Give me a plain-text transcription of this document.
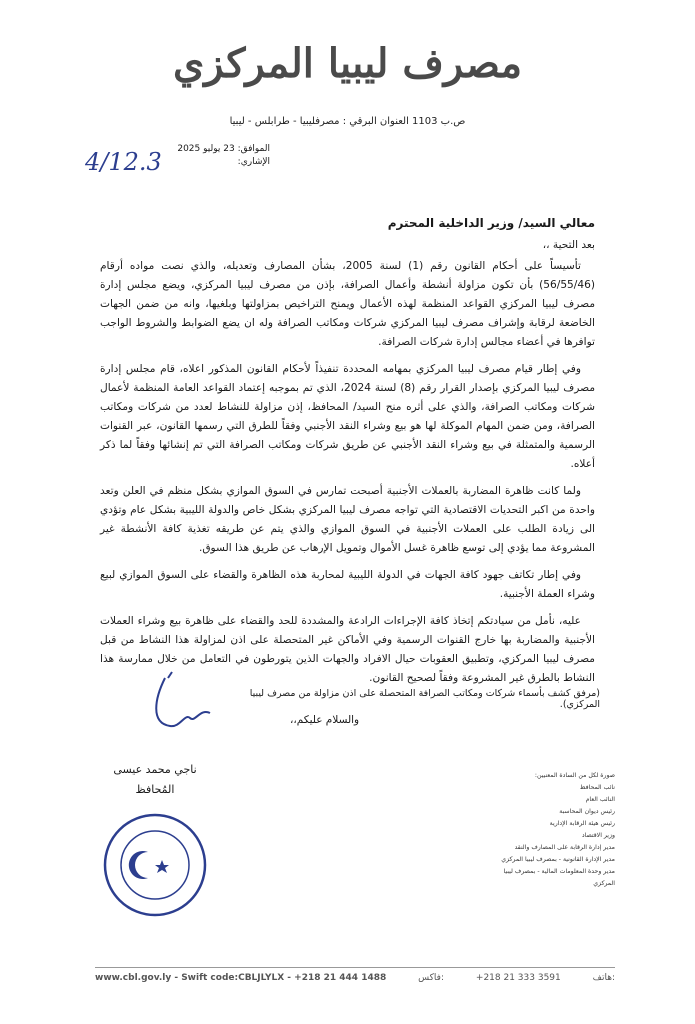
مصرف ليبيا المركزي
ص.ب 1103 العنوان البرقي : مصرفليبيا - طرابلس - ليبيا
الموافق: 23 يوليو 2025
الإشاري:
4/12.3
معالي السيد/ وزير الداخلية المحترم

بعد التحية ،،

تأسيساً على أحكام القانون رقم (1) لسنة 2005، بشأن المصارف وتعديله، والذي نصت مواده أرقام (56/55/46) بأن تكون مزاولة أنشطة وأعمال الصرافة، بإذن من مصرف ليبيا المركزي، ويضع مجلس إدارة مصرف ليبيا المركزي القواعد المنظمة لهذه الأعمال ويمنح التراخيص بمزاولتها وبلغيها، وانه من ضمن الجهات الخاضعة لرقابة وإشراف مصرف ليبيا المركزي شركات ومكاتب الصرافة وله ان يضع الضوابط والشروط الواجب توافرها في أعضاء مجالس إدارة شركات الصرافة.

وفي إطار قيام مصرف ليبيا المركزي بمهامه المحددة تنفيذاً لأحكام القانون المذكور اعلاه، قام مجلس إدارة مصرف ليبيا المركزي بإصدار القرار رقم (8) لسنة 2024، الذي تم بموجبه إعتماد القواعد العامة المنظمة لأعمال شركات ومكاتب الصرافة، والذي على أثره منح السيد/ المحافظ، إذن مزاولة للنشاط لعدد من شركات ومكاتب الصرافة، ومن ضمن المهام الموكلة لها هو بيع وشراء النقد الأجنبي وفقاً للطرق التي رسمها القانون، عبر القنوات الرسمية والمتمثلة في بيع وشراء النقد الأجنبي عن طريق شركات ومكاتب الصرافة التي تم إنشائها وفقاً لما ذكر أعلاه.

ولما كانت ظاهرة المضاربة بالعملات الأجنبية أصبحت تمارس في السوق الموازي بشكل منظم في العلن وتعد واحدة من اكبر التحديات الاقتصادية التي تواجه مصرف ليبيا المركزي بشكل خاص والدولة الليبية بشكل عام وتؤدي الى زيادة الطلب على العملات الأجنبية في السوق الموازي والذي يتم عن طريقه تغذية كافة الأنشطة غير المشروعة مما يؤدي إلى توسع ظاهرة غسل الأموال وتمويل الإرهاب عن طريق هذا السوق.

وفي إطار تكاتف جهود كافة الجهات في الدولة الليبية لمحاربة هذه الظاهرة والقضاء على السوق الموازي لبيع وشراء العملة الأجنبية.

عليه، نأمل من سيادتكم إتخاذ كافة الإجراءات الرادعة والمشددة للحد والقضاء على ظاهرة بيع وشراء العملات الأجنبية والمضاربة بها خارج القنوات الرسمية وفي الأماكن غير المتحصلة على اذن لمزاولة هذا النشاط من قبل مصرف ليبيا المركزي، وتطبيق العقوبات حيال الافراد والجهات الذين يتورطون في التعامل من خلال ممارسة هذا النشاط بالطرق غير المشروعة وفقاً لصحيح القانون.

(مرفق كشف بأسماء شركات ومكاتب الصرافة المتحصلة على اذن مزاولة من مصرف ليبيا المركزي).
والسلام عليكم،،
ناجي محمد عيسى
المُحافظ
صورة لكل من السادة المعنيين:
نائب المحافظ
النائب العام
رئيس ديوان المحاسبة
رئيس هيئة الرقابة الإدارية
وزير الاقتصاد
مدير إدارة الرقابة على المصارف والنقد
مدير الإدارة القانونية - بمصرف ليبيا المركزي
مدير وحدة المعلومات المالية - بمصرف ليبيا المركزي
www.cbl.gov.ly - Swift code:CBLJLYLX - +218 21 444 1488	فاكس:	+218 21 333 3591	هاتف:
